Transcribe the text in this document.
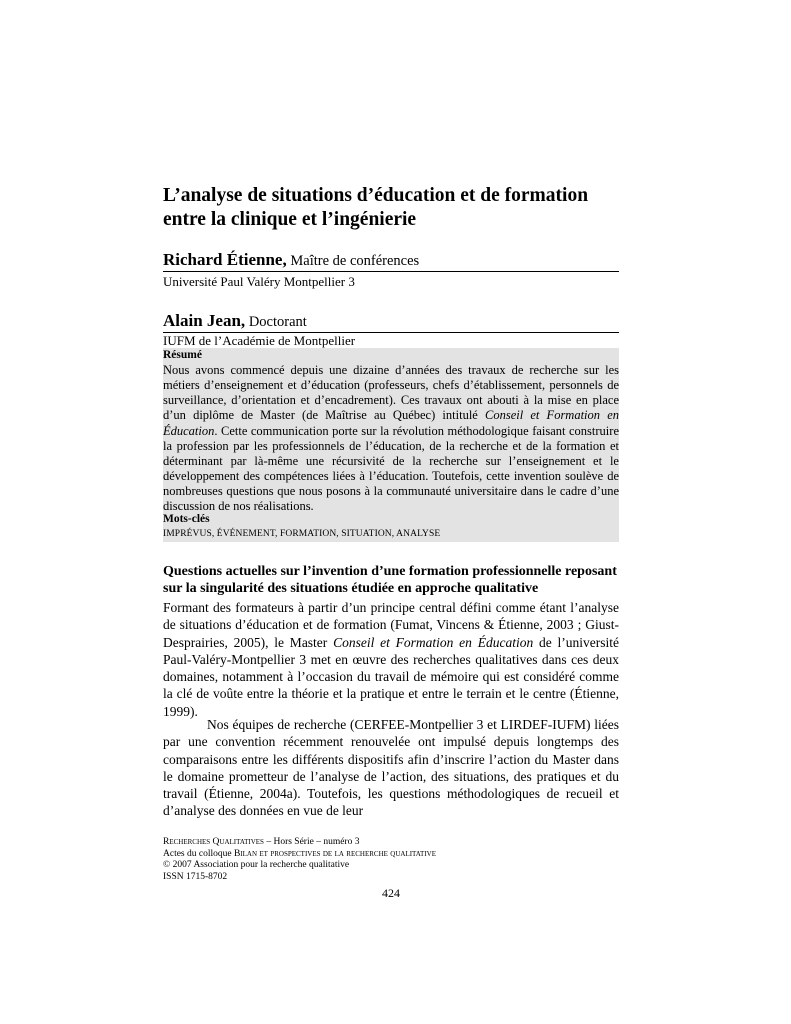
L’analyse de situations d’éducation et de formation entre la clinique et l’ingénierie
Richard Étienne, Maître de conférences
Université Paul Valéry Montpellier 3
Alain Jean, Doctorant
IUFM de l’Académie de Montpellier
Résumé

Nous avons commencé depuis une dizaine d’années des travaux de recherche sur les métiers d’enseignement et d’éducation (professeurs, chefs d’établissement, personnels de surveillance, d’orientation et d’encadrement). Ces travaux ont abouti à la mise en place d’un diplôme de Master (de Maîtrise au Québec) intitulé Conseil et Formation en Éducation. Cette communication porte sur la révolution méthodologique faisant construire la profession par les professionnels de l’éducation, de la recherche et de la formation et déterminant par là-même une récursivité de la recherche sur l’enseignement et le développement des compétences liées à l’éducation. Toutefois, cette invention soulève de nombreuses questions que nous posons à la communauté universitaire dans le cadre d’une discussion de nos réalisations.

Mots-clés
IMPRÉVUS, ÉVÉNEMENT, FORMATION, SITUATION, ANALYSE
Questions actuelles sur l’invention d’une formation professionnelle reposant sur la singularité des situations étudiée en approche qualitative

Formant des formateurs à partir d’un principe central défini comme étant l’analyse de situations d’éducation et de formation (Fumat, Vincens & Étienne, 2003 ; Giust-Desprairies, 2005), le Master Conseil et Formation en Éducation de l’université Paul-Valéry-Montpellier 3 met en œuvre des recherches qualitatives dans ces deux domaines, notamment à l’occasion du travail de mémoire qui est considéré comme la clé de voûte entre la théorie et la pratique et entre le terrain et le centre (Étienne, 1999).

Nos équipes de recherche (CERFEE-Montpellier 3 et LIRDEF-IUFM) liées par une convention récemment renouvelée ont impulsé depuis longtemps des comparaisons entre les différents dispositifs afin d’inscrire l’action du Master dans le domaine prometteur de l’analyse de l’action, des situations, des pratiques et du travail (Étienne, 2004a). Toutefois, les questions méthodologiques de recueil et d’analyse des données en vue de leur

Recherches Qualitatives – Hors Série – numéro 3
Actes du colloque Bilan et prospectives de la recherche qualitative
© 2007 Association pour la recherche qualitative
ISSN 1715-8702
424
